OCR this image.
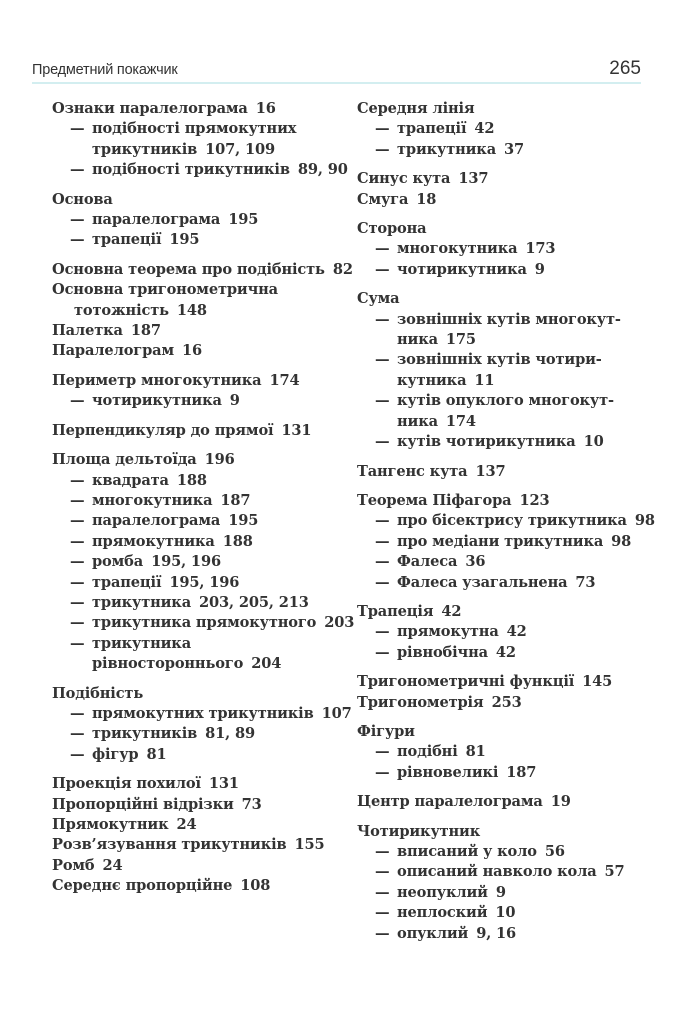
Предметний покажчик	265
Ознаки паралелограма 16
— подібності прямокутних
трикутників 107, 109
— подібності трикутників 89, 90
Основа
— паралелограма 195
— трапеції 195
Основна теорема про подібність 82
Основна тригонометрична
тотожність 148
Палетка 187
Паралелограм 16
Периметр многокутника 174
— чотирикутника 9
Перпендикуляр до прямої 131
Площа дельтоїда 196
— квадрата 188
— многокутника 187
— паралелограма 195
— прямокутника 188
— ромба 195, 196
— трапеції 195, 196
— трикутника 203, 205, 213
— трикутника прямокутного 203
— трикутника
рівностороннього 204
Подібність
— прямокутних трикутників 107
— трикутників 81, 89
— фігур 81
Проекція похилої 131
Пропорційні відрізки 73
Прямокутник 24
Розв’язування трикутників 155
Ромб 24
Середнє пропорційне 108
Середня лінія
— трапеції 42
— трикутника 37
Синус кута 137
Смуга 18
Сторона
— многокутника 173
— чотирикутника 9
Сума
— зовнішніх кутів многокут-
ника 175
— зовнішніх кутів чотири-
кутника 11
— кутів опуклого многокут-
ника 174
— кутів чотирикутника 10
Тангенс кута 137
Теорема Піфагора 123
— про бісектрису трикутника 98
— про медіани трикутника 98
— Фалеса 36
— Фалеса узагальнена 73
Трапеція 42
— прямокутна 42
— рівнобічна 42
Тригонометричні функції 145
Тригонометрія 253
Фігури
— подібні 81
— рівновеликі 187
Центр паралелограма 19
Чотирикутник
— вписаний у коло 56
— описаний навколо кола 57
— неопуклий 9
— неплоский 10
— опуклий 9, 16
